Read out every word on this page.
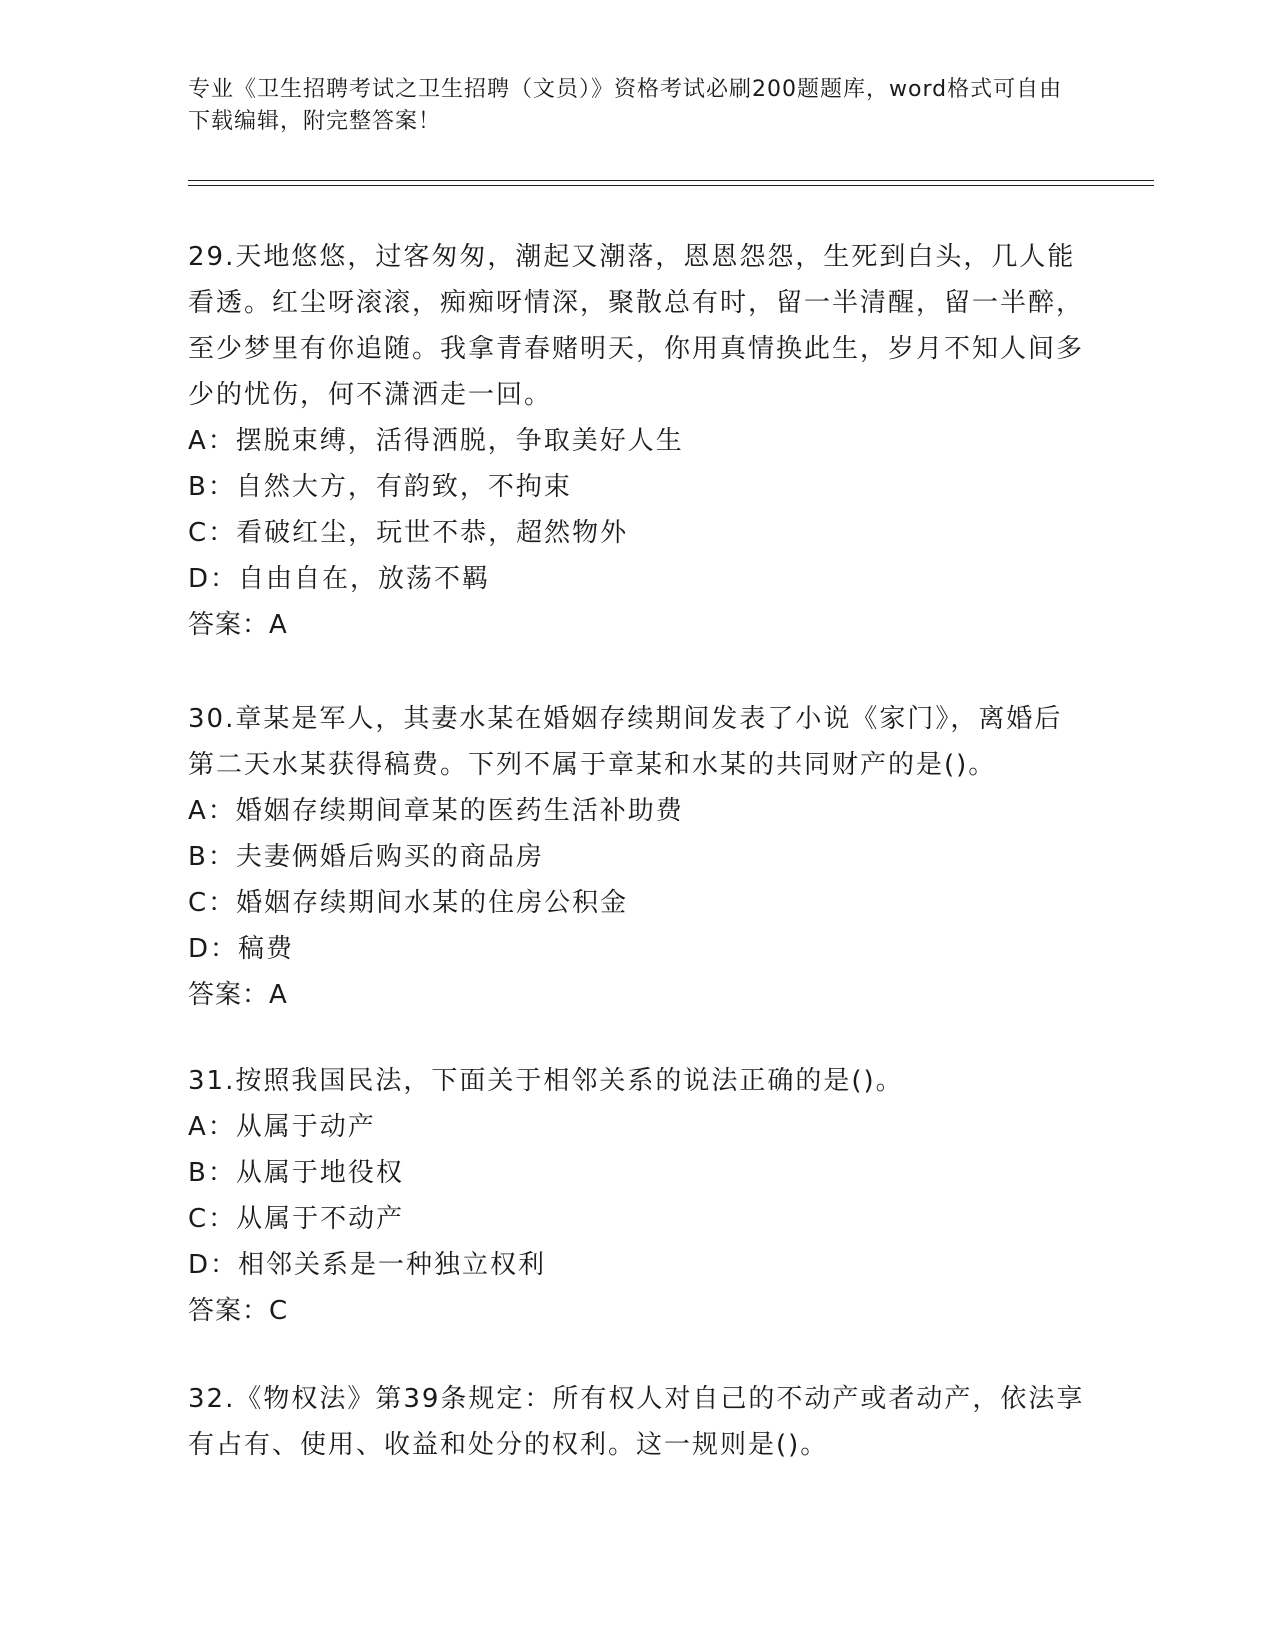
专业《卫生招聘考试之卫生招聘（文员）》资格考试必刷200题题库，word格式可自由下载编辑，附完整答案！

29.天地悠悠，过客匆匆，潮起又潮落，恩恩怨怨，生死到白头，几人能看透。红尘呀滚滚，痴痴呀情深，聚散总有时，留一半清醒，留一半醉，至少梦里有你追随。我拿青春赌明天，你用真情换此生，岁月不知人间多少的忧伤，何不潇洒走一回。

A：摆脱束缚，活得洒脱，争取美好人生

B：自然大方，有韵致，不拘束

C：看破红尘，玩世不恭，超然物外

D：自由自在，放荡不羁

答案：A

30.章某是军人，其妻水某在婚姻存续期间发表了小说《家门》，离婚后第二天水某获得稿费。下列不属于章某和水某的共同财产的是()。

A：婚姻存续期间章某的医药生活补助费

B：夫妻俩婚后购买的商品房

C：婚姻存续期间水某的住房公积金

D：稿费

答案：A

31.按照我国民法，下面关于相邻关系的说法正确的是()。

A：从属于动产

B：从属于地役权

C：从属于不动产

D：相邻关系是一种独立权利

答案：C

32.《物权法》第39条规定：所有权人对自己的不动产或者动产，依法享有占有、使用、收益和处分的权利。这一规则是()。
